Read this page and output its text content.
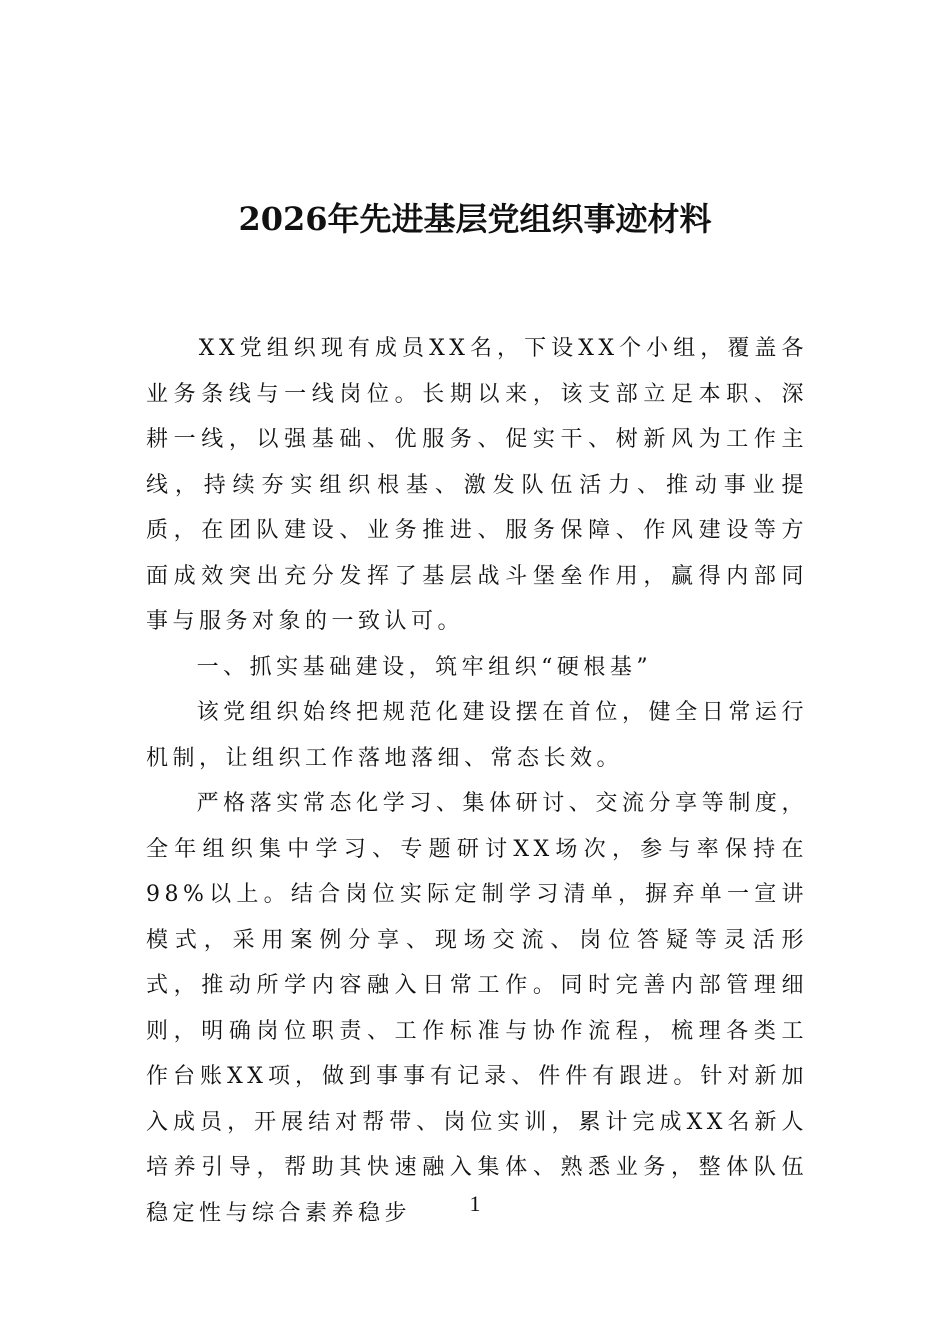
2026年先进基层党组织事迹材料

XX党组织现有成员XX名，下设XX个小组，覆盖各业务条线与一线岗位。长期以来，该支部立足本职、深耕一线，以强基础、优服务、促实干、树新风为工作主线，持续夯实组织根基、激发队伍活力、推动事业提质，在团队建设、业务推进、服务保障、作风建设等方面成效突出充分发挥了基层战斗堡垒作用，赢得内部同事与服务对象的一致认可。

一、抓实基础建设，筑牢组织“硬根基”

该党组织始终把规范化建设摆在首位，健全日常运行机制，让组织工作落地落细、常态长效。

严格落实常态化学习、集体研讨、交流分享等制度，全年组织集中学习、专题研讨XX场次，参与率保持在98%以上。结合岗位实际定制学习清单，摒弃单一宣讲模式，采用案例分享、现场交流、岗位答疑等灵活形式，推动所学内容融入日常工作。同时完善内部管理细则，明确岗位职责、工作标准与协作流程，梳理各类工作台账XX项，做到事事有记录、件件有跟进。针对新加入成员，开展结对帮带、岗位实训，累计完成XX名新人培养引导，帮助其快速融入集体、熟悉业务，整体队伍稳定性与综合素养稳步	1
